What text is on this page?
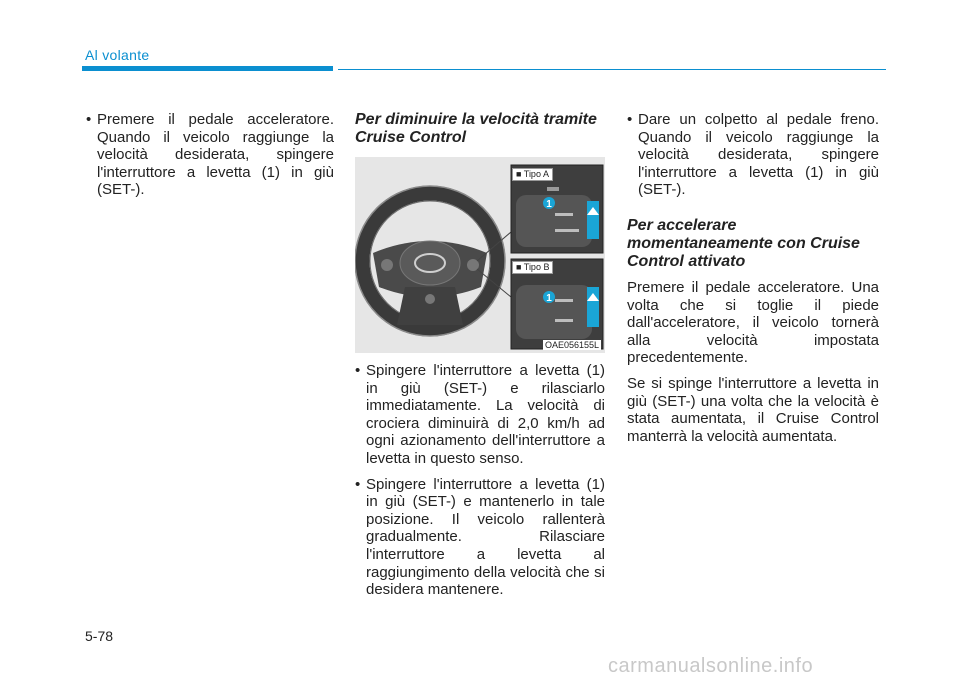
Al volante

• Premere il pedale acceleratore. Quando il veicolo raggiunge la velocità desiderata, spingere l'interruttore a levetta (1) in giù (SET-).

Per diminuire la velocità tramite Cruise Control

1
1
■ Tipo A
■ Tipo B
OAE056155L

• Spingere l'interruttore a levetta (1) in giù (SET-) e rilasciarlo immediatamente. La velocità di crociera diminuirà di 2,0 km/h ad ogni azionamento dell'interruttore a levetta in questo senso.

• Spingere l'interruttore a levetta (1) in giù (SET-) e mantenerlo in tale posizione. Il veicolo rallenterà gradualmente. Rilasciare l'interruttore a levetta al raggiungimento della velocità che si desidera mantenere.

• Dare un colpetto al pedale freno. Quando il veicolo raggiunge la velocità desiderata, spingere l'interruttore a levetta (1) in giù (SET-).

Per accelerare momentaneamente con Cruise Control attivato

Premere il pedale acceleratore. Una volta che si toglie il piede dall'acceleratore, il veicolo tornerà alla velocità impostata precedentemente.

Se si spinge l'interruttore a levetta in giù (SET-) una volta che la velocità è stata aumentata, il Cruise Control manterrà la velocità aumentata.

5-78
carmanualsonline.info
